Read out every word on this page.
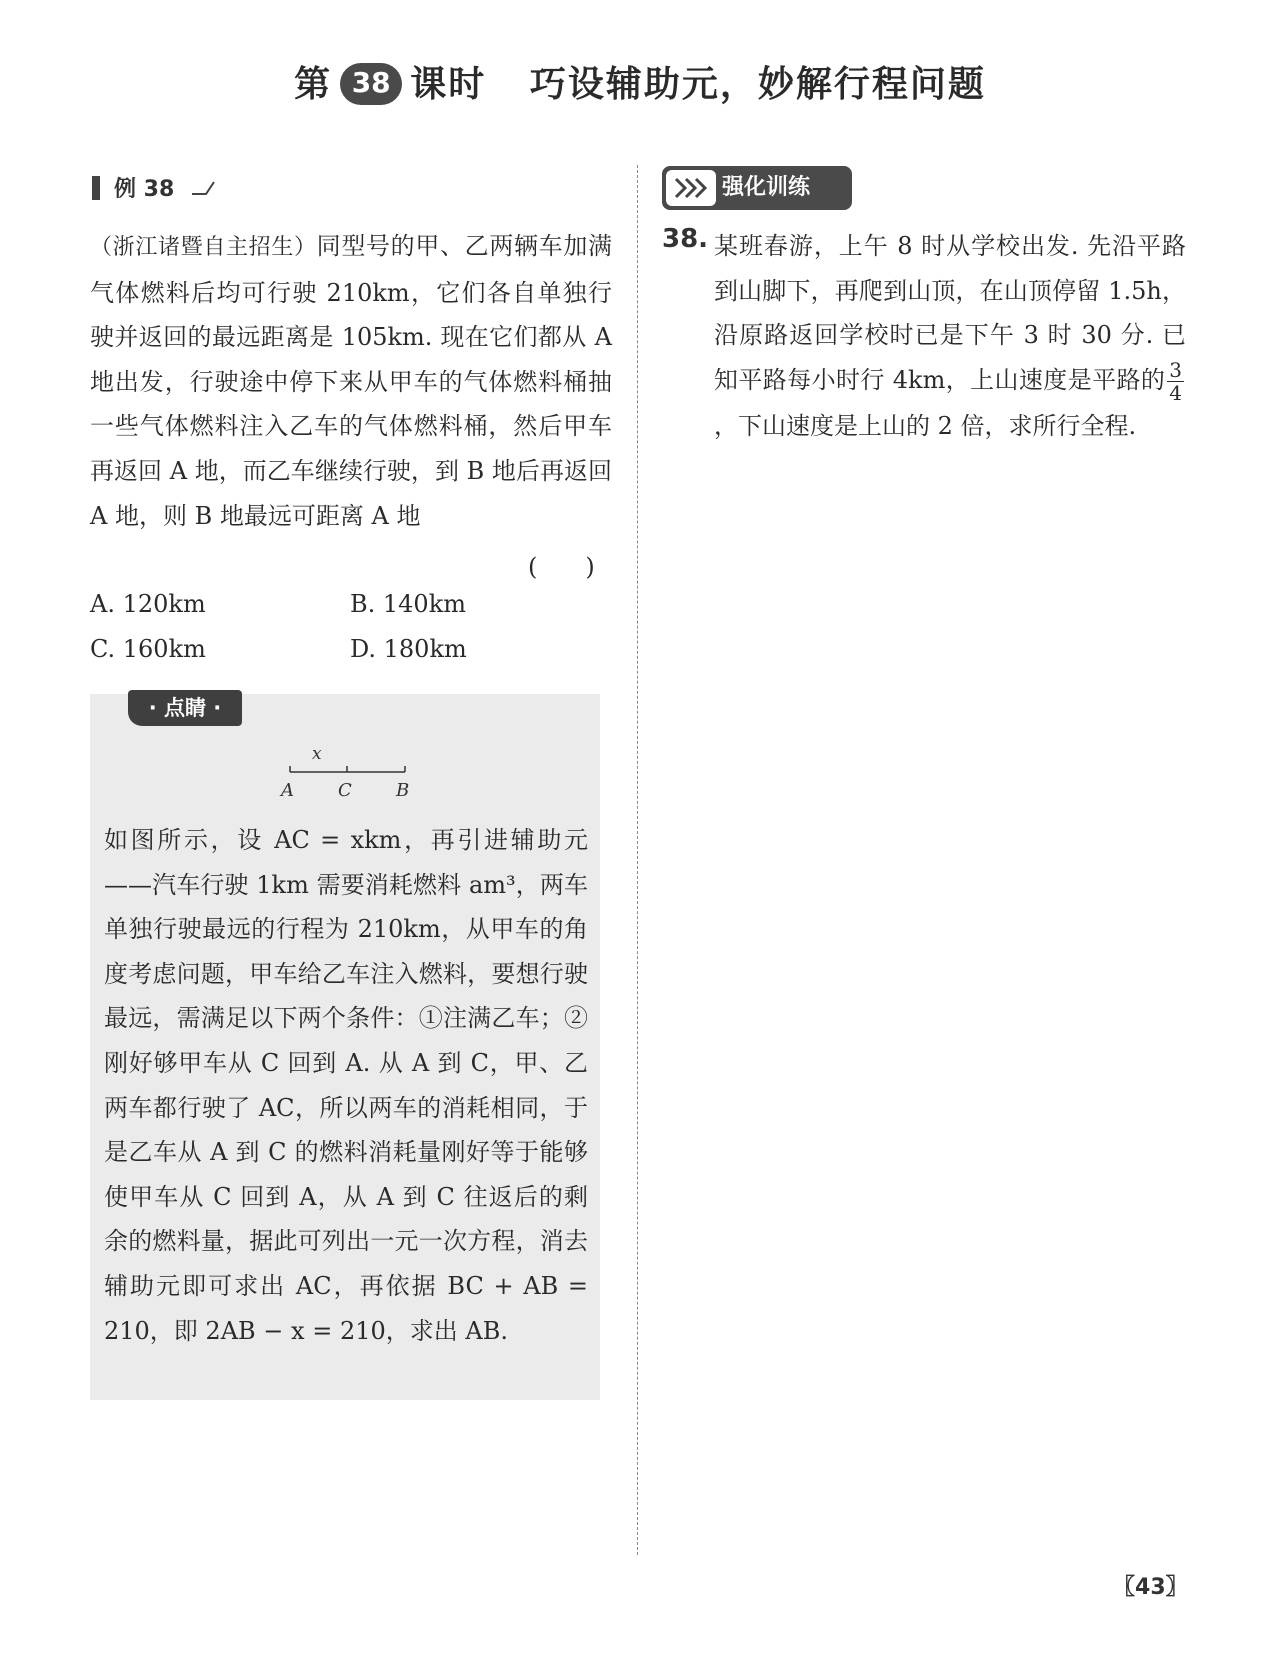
第 38 课时 巧设辅助元，妙解行程问题
例 38
（浙江诸暨自主招生）同型号的甲、乙两辆车加满气体燃料后均可行驶 210km，它们各自单独行驶并返回的最远距离是 105km. 现在它们都从 A 地出发，行驶途中停下来从甲车的气体燃料桶抽一些气体燃料注入乙车的气体燃料桶，然后甲车再返回 A 地，而乙车继续行驶，到 B 地后再返回 A 地，则 B 地最远可距离 A 地
(　　)
A. 120km	B. 140km
C. 160km	D. 180km
· 点睛 ·
x
A C B
如图所示，设 AC = xkm，再引进辅助元——汽车行驶 1km 需要消耗燃料 am³，两车单独行驶最远的行程为 210km，从甲车的角度考虑问题，甲车给乙车注入燃料，要想行驶最远，需满足以下两个条件：①注满乙车；②刚好够甲车从 C 回到 A. 从 A 到 C，甲、乙两车都行驶了 AC，所以两车的消耗相同，于是乙车从 A 到 C 的燃料消耗量刚好等于能够使甲车从 C 回到 A，从 A 到 C 往返后的剩余的燃料量，据此可列出一元一次方程，消去辅助元即可求出 AC，再依据 BC + AB = 210，即 2AB − x = 210，求出 AB.
强化训练
38. 某班春游，上午 8 时从学校出发. 先沿平路到山脚下，再爬到山顶，在山顶停留 1.5h，沿原路返回学校时已是下午 3 时 30 分. 已知平路每小时行 4km，上山速度是平路的 $\frac{3}{4}$
，下山速度是上山的 2 倍，求所行全程.
〖43〗
